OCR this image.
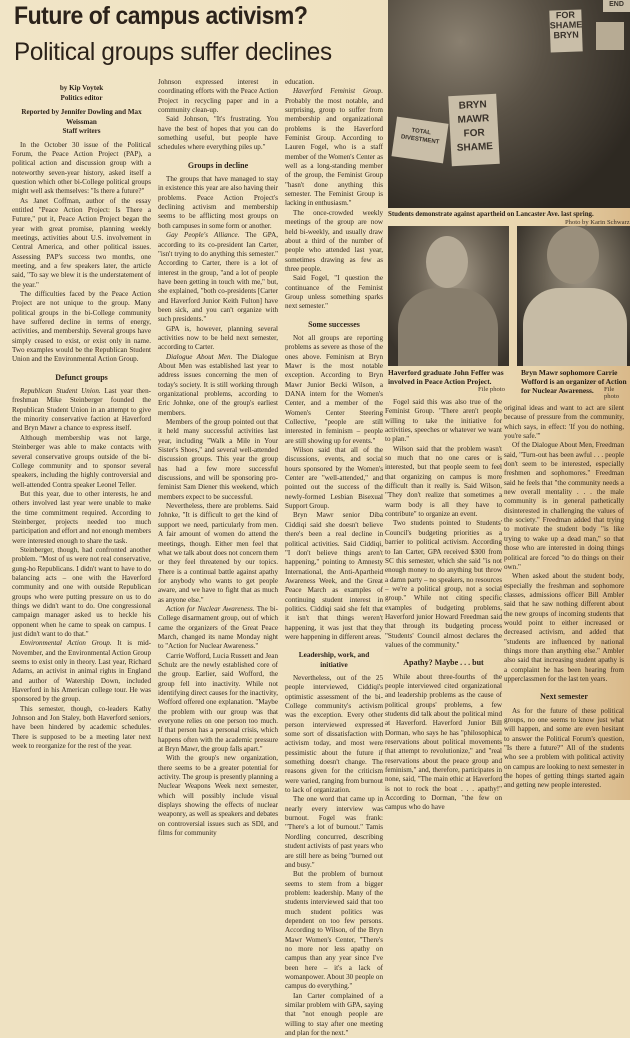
Future of campus activism?
Political groups suffer declines
by Kip Voytek
Politics editor
Reported by Jennifer Dowling and Max Weissman
Staff writers

In the October 30 issue of the Political Forum, the Peace Action Project (PAP), a political action and discussion group with a noteworthy seven-year history, asked itself a question which other bi-College political groups might well ask themselves: "Is there a future?"

As Janet Coffman, author of the essay entitled "Peace Action Project: Is There a Future," put it, Peace Action Project began the year with great promise, planning weekly meetings, activities about U.S. involvement in Central America, and other political issues. Assessing PAP's success two months, one meeting, and a few speakers later, the article said, "To say we blew it is the understatement of the year."

The difficulties faced by the Peace Action Project are not unique to the group. Many political groups in the bi-College community have suffered decline in terms of energy, activities, and membership. Several groups have simply ceased to exist, or exist only in name. Two examples would be the Republican Student Union and the Environmental Action Group.

Defunct groups

Republican Student Union. Last year then-freshman Mike Steinberger founded the Republican Student Union in an attempt to give the minority conservative faction at Haverford and Bryn Mawr a chance to express itself.

Although membership was not large, Steinberger was able to make contacts with several conservative groups outside of the bi-College community and to sponsor several speakers, including the highly controversial and well-attended Contra speaker Leonel Teller.

But this year, due to other interests, he and others involved last year were unable to make the time commitment required. According to Steinberger, projects needed too much participation and effort and not enough members were interested enough to share the task.

Steinberger, though, had confronted another problem. "Most of us were not real conservative, gung-ho Republicans. I didn't want to have to do balancing acts – one with the Haverford community and one with outside Republican groups who were putting pressure on us to do things we didn't want to do. One congressional campaign manager asked us to heckle his opponent when he came to speak on campus. I just didn't want to do that."

Environmental Action Group. It is mid-November, and the Environmental Action Group seems to exist only in theory. Last year, Richard Adams, an activist in animal rights in England and author of Watership Down, included Haverford in his American college tour. He was sponsored by the group.

This semester, though, co-leaders Kathy Johnson and Jon Staley, both Haverford seniors, have been hindered by academic schedules. There is supposed to be a meeting later next week to reorganize for the rest of the year.

Johnson expressed interest in coordinating efforts with the Peace Action Project in recycling paper and in a community clean-up.

Said Johnson, "It's frustrating. You have the best of hopes that you can do something useful, but people have schedules where everything piles up."

Groups in decline

The groups that have managed to stay in existence this year are also having their problems. Peace Action Project's declining activism and membership seems to be afflicting most groups on both campuses in some form or another.

Gay People's Alliance. The GPA, according to its co-president Ian Carter, "isn't trying to do anything this semester." According to Carter, there is a lot of interest in the group, "and a lot of people have been getting in touch with me," but, she explained, "both co-presidents [Carter and Haverford Junior Keith Fulton] have been sick, and you can't organize with such presidents."

GPA is, however, planning several activities now to be held next semester, according to Carter.

Dialogue About Men. The Dialogue About Men was established last year to address issues concerning the men of today's society. It is still working through organizational problems, according to Eric Johnke, one of the group's earliest members.

Members of the group pointed out that it held many successful activities last year, including "Walk a Mile in Your Sister's Shoes," and several well-attended discussion groups. This year the group has had a few more successful discussions, and will be sponsoring pro-feminist Sam Diener this weekend, which members expect to be successful.

Nevertheless, there are problems. Said Johnke, "It is difficult to get the kind of support we need, particularly from men. A fair amount of women do attend the meetings, though. Either men feel that what we talk about does not concern them or they feel threatened by our topics. There is a continual battle against apathy for anybody who wants to get people aware, and we have to fight that as much as anyone else."

Action for Nuclear Awareness. The bi-College disarmament group, out of which came the organizers of the Great Peace March, changed its name Monday night to "Action for Nuclear Awareness."

Carrie Wofford, Lucia Russett and Jean Schulz are the newly established core of the group. Earlier, said Wofford, the group fell into inactivity. While not identifying direct causes for the inactivity, Wofford offered one explanation. "Maybe the problem with our group was that everyone relies on one person too much. If that person has a personal crisis, which happens often with the academic pressure at Bryn Mawr, the group falls apart."

With the group's new organization, there seems to be a greater potential for activity. The group is presently planning a Nuclear Weapons Week next semester, which will possibly include visual displays showing the effects of nuclear weaponry, as well as speakers and debates on controversial issues such as SDI, and films for community

education.

Haverford Feminist Group. Probably the most notable, and surprising, group to suffer from membership and organizational problems is the Haverford Feminist Group. According to Lauren Fogel, who is a staff member of the Women's Center as well as a long-standing member of the group, the Feminist Group "hasn't done anything this semester. The Feminist Group is lacking in enthusiasm."

The once-crowded weekly meetings of the group are now held bi-weekly, and usually draw about a third of the number of people who attended last year, sometimes drawing as few as three people.

Said Fogel, "I question the continuance of the Feminist Group unless something sparks next semester."

Some successes

Not all groups are reporting problems as severe as those of the ones above. Feminism at Bryn Mawr is the most notable exception. According to Bryn Mawr Junior Becki Wilson, a DANA intern for the Women's Center, and a member of the Women's Center Steering Collective, "people are still interested in feminism – people are still showing up for events."

Wilson said that all of the discussions, events, and social hours sponsored by the Women's Center are "well-attended," and pointed out the success of the newly-formed Lesbian Bisexual Support Group.

Bryn Mawr senior Diba Ciddiqi said she doesn't believe there's been a real decline in political activities. Said Ciddiqi, "I don't believe things aren't happening," pointing to Amnesty International, the Anti-Apartheid Awareness Week, and the Great Peace March as examples of continuing student interest in politics. Ciddiqi said she felt that it isn't that things weren't happening, it was just that they were happening in different areas.

Leadership, work, and initiative

Nevertheless, out of the 25 people interviewed, Ciddiqi's optimistic assessment of the bi-College community's activism was the exception. Every other person interviewed expressed some sort of dissatisfaction with activism today, and most were pessimistic about the future if something doesn't change. The reasons given for the criticism were varied, ranging from burnout to lack of organization.

The one word that came up in nearly every interview was burnout. Fogel was frank: "There's a lot of burnout." Tamis Nordling concurred, describing student activists of past years who are still here as being "burned out and busy."

But the problem of burnout seems to stem from a bigger problem: leadership. Many of the students interviewed said that too much student politics was dependent on too few persons. According to Wilson, of the Bryn Mawr Women's Center, "There's no more nor less apathy on campus than any year since I've been here – it's a lack of womanpower. About 30 people on campus do everything."

Ian Carter complained of a similar problem with GPA, saying that "not enough people are willing to stay after one meeting and plan for the next."

FOR SHAME BRYN
BRYN MAWR FOR SHAME
TOTAL DIVESTMENT
END
Students demonstrate against apartheid on Lancaster Ave. last spring.
Photo by Karin Schwarz
Haverford graduate John Feffer was involved in Peace Action Project.
File photo
Bryn Mawr sophomore Carrie Wofford is an organizer of Action for Nuclear Awareness.	File photo

Fogel said this was also true of the Feminist Group. "There aren't people willing to take the initiative for activities, speeches or whatever we want to plan."

Wilson said that the problem wasn't so much that no one cares or is interested, but that people seem to feel that organizing on campus is more difficult than it really is. Said Wilson, "They don't realize that sometimes a warm body is all they have to contribute" to organize an event.

Two students pointed to Students' Council's budgeting priorities as a barrier to political activism. According to Ian Carter, GPA received $300 from SC this semester, which she said "is not enough money to do anything but throw a damn party – no speakers, no resources – we're a political group, not a social group." While not citing specific examples of budgeting problems, Haverford junior Howard Freedman said that through its budgeting process "Students' Council almost declares the values of the community."

Apathy? Maybe . . . but

While about three-fourths of the people interviewed cited organizational and leadership problems as the cause of political groups' problems, a few students did talk about the political mind at Haverford. Haverford Junior Bill Dorman, who says he has "philosophical reservations about political movements that attempt to revolutionize," and "real reservations about the peace group and feminism," and, therefore, participates in none, said, "The main ethic at Haverford is not to rock the boat . . . apathy!" According to Dorman, "the few on campus who do have

original ideas and want to act are silent because of pressure from the community, which says, in effect: 'If you do nothing, you're safe.'"

Of the Dialogue About Men, Freedman said, "Turn-out has been awful . . . people don't seem to be interested, especially freshmen and sophomores." Freedman said he feels that "the community needs a new overall mentality . . . the male community is in general pathetically disinterested in challenging the values of the society." Freedman added that trying to motivate the student body "is like trying to wake up a dead man," so that those who are interested in doing things political are forced "to do things on their own."

When asked about the student body, especially the freshman and sophomore classes, admissions officer Bill Ambler said that he saw nothing different about the new groups of incoming students that would point to either increased or decreased activism, and added that "students are influenced by national things more than anything else." Ambler also said that increasing student apathy is a complaint he has been hearing from upperclassmen for the last ten years.

Next semester

As for the future of these political groups, no one seems to know just what will happen, and some are even hesitant to answer the Political Forum's question, "Is there a future?" All of the students who see a problem with political activity on campus are looking to next semester in the hopes of getting things started again and getting new people interested.
